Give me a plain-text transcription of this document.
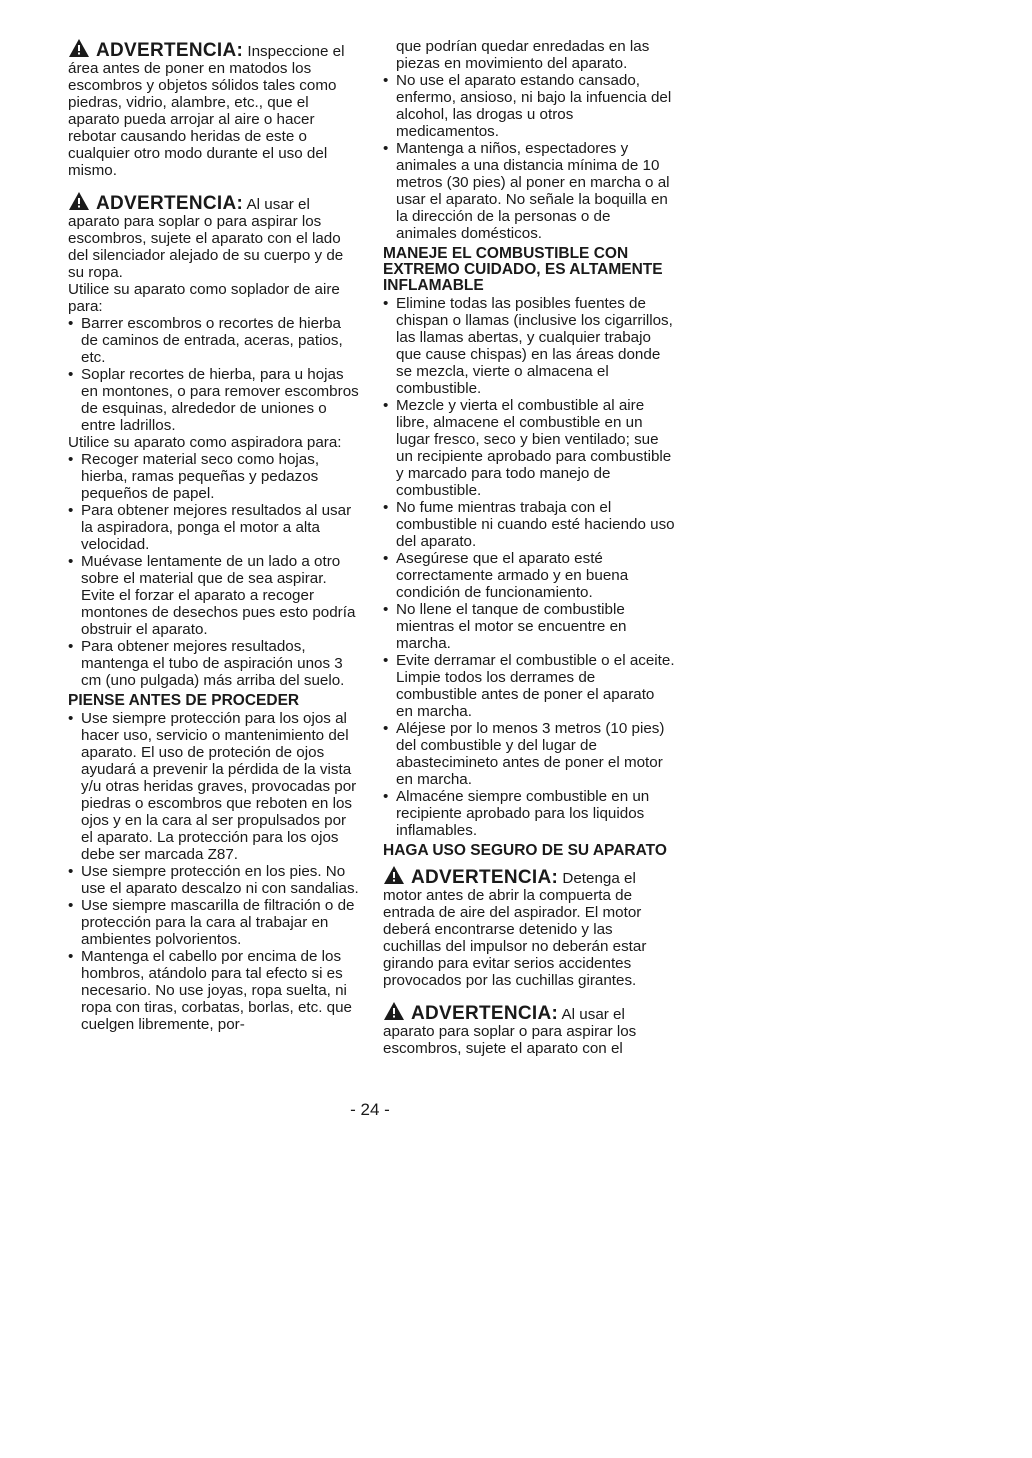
ADVERTENCIA: Inspeccione el área antes de poner en matodos los escombros y objetos sólidos tales como piedras, vidrio, alambre, etc., que el aparato pueda arrojar al aire o hacer rebotar causando heridas de este o cualquier otro modo durante el uso del mismo.

ADVERTENCIA: Al usar el aparato para soplar o para aspirar los escombros, sujete el aparato con el lado del silenciador alejado de su cuerpo y de su ropa.

Utilice su aparato como soplador de aire para:

• Barrer escombros o recortes de hierba de caminos de entrada, aceras, patios, etc.
• Soplar recortes de hierba, para u hojas en montones, o para remover escombros de esquinas, alrededor de uniones o entre ladrillos.

Utilice su aparato como aspiradora para:

• Recoger material seco como hojas, hierba, ramas pequeñas y pedazos pequeños de papel.
• Para obtener mejores resultados al usar la aspiradora, ponga el motor a alta velocidad.
• Muévase lentamente de un lado a otro sobre el material que de sea aspirar. Evite el forzar el aparato a recoger montones de desechos pues esto podría obstruir el aparato.
• Para obtener mejores resultados, mantenga el tubo de aspiración unos 3 cm (uno pulgada) más arriba del suelo.
PIENSE ANTES DE PROCEDER
• Use siempre protección para los ojos al hacer uso, servicio o mantenimiento del aparato. El uso de proteción de ojos ayudará a prevenir la pérdida de la vista y/u otras heridas graves, provocadas por piedras o escombros que reboten en los ojos y en la cara al ser propulsados por el aparato. La protección para los ojos debe ser marcada Z87.
• Use siempre protección en los pies. No use el aparato descalzo ni con sandalias.
• Use siempre mascarilla de filtración o de protección para la cara al trabajar en ambientes polvorientos.
• Mantenga el cabello por encima de los hombros, atándolo para tal efecto si es necesario. No use joyas, ropa suelta, ni ropa con tiras, corbatas, borlas, etc. que cuelgen libremente, por-

que podrían quedar enredadas en las piezas en movimiento del aparato.

• No use el aparato estando cansado, enfermo, ansioso, ni bajo la infuencia del alcohol, las drogas u otros medicamentos.
• Mantenga a niños, espectadores y animales a una distancia mínima de 10 metros (30 pies) al poner en marcha o al usar el aparato. No señale la boquilla en la dirección de la personas o de animales domésticos.
MANEJE EL COMBUSTIBLE CON EXTREMO CUIDADO, ES ALTAMENTE INFLAMABLE
• Elimine todas las posibles fuentes de chispan o llamas (inclusive los cigarrillos, las llamas abertas, y cualquier trabajo que cause chispas) en las áreas donde se mezcla, vierte o almacena el combustible.
• Mezcle y vierta el combustible al aire libre, almacene el combustible en un lugar fresco, seco y bien ventilado; sue un recipiente aprobado para combustible y marcado para todo manejo de combustible.
• No fume mientras trabaja con el combustible ni cuando esté haciendo uso del aparato.
• Asegúrese que el aparato esté correctamente armado y en buena condición de funcionamiento.
• No llene el tanque de combustible mientras el motor se encuentre en marcha.
• Evite derramar el combustible o el aceite. Limpie todos los derrames de combustible antes de poner el aparato en marcha.
• Aléjese por lo menos 3 metros (10 pies) del combustible y del lugar de abastecimineto antes de poner el motor en marcha.
• Almacéne siempre combustible en un recipiente aprobado para los liquidos inflamables.
HAGA USO SEGURO DE SU APARATO

ADVERTENCIA: Detenga el motor antes de abrir la compuerta de entrada de aire del aspirador. El motor deberá encontrarse detenido y las cuchillas del impulsor no deberán estar girando para evitar serios accidentes provocados por las cuchillas girantes.

ADVERTENCIA: Al usar el aparato para soplar o para aspirar los escombros, sujete el aparato con el

- 24 -
